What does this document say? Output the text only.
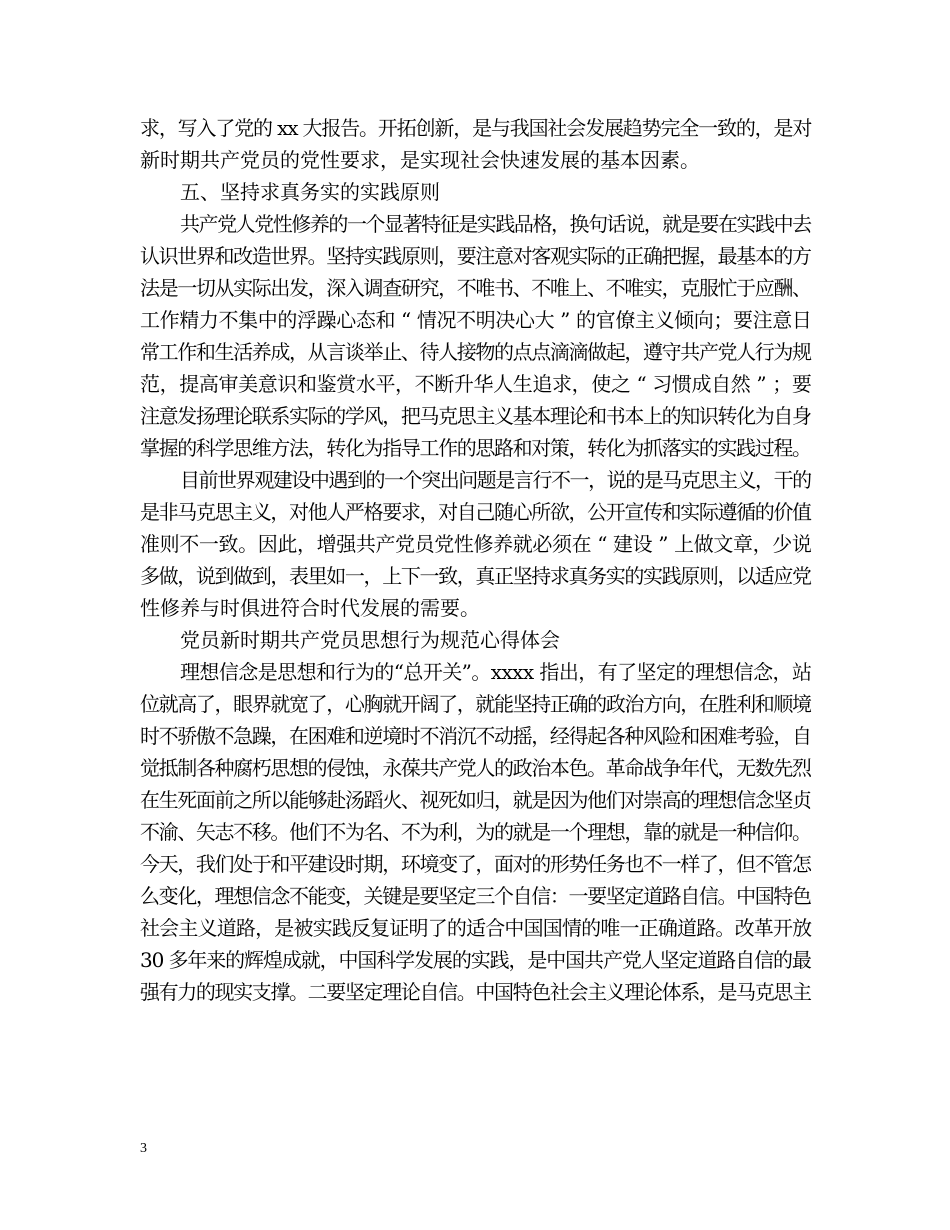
求，写入了党的 xx 大报告。开拓创新，是与我国社会发展趋势完全一致的，是对

新时期共产党员的党性要求，是实现社会快速发展的基本因素。

五、坚持求真务实的实践原则

共产党人党性修养的一个显著特征是实践品格，换句话说，就是要在实践中去

认识世界和改造世界。坚持实践原则，要注意对客观实际的正确把握，最基本的方

法是一切从实际出发，深入调查研究，不唯书、不唯上、不唯实，克服忙于应酬、

工作精力不集中的浮躁心态和 “ 情况不明决心大 ” 的官僚主义倾向；要注意日

常工作和生活养成，从言谈举止、待人接物的点点滴滴做起，遵守共产党人行为规

范，提高审美意识和鉴赏水平，不断升华人生追求，使之 “ 习惯成自然 ” ；要

注意发扬理论联系实际的学风，把马克思主义基本理论和书本上的知识转化为自身

掌握的科学思维方法，转化为指导工作的思路和对策，转化为抓落实的实践过程。

目前世界观建设中遇到的一个突出问题是言行不一，说的是马克思主义，干的

是非马克思主义，对他人严格要求，对自己随心所欲，公开宣传和实际遵循的价值

准则不一致。因此，增强共产党员党性修养就必须在 “ 建设 ” 上做文章，少说

多做，说到做到，表里如一，上下一致，真正坚持求真务实的实践原则，以适应党

性修养与时俱进符合时代发展的需要。

党员新时期共产党员思想行为规范心得体会

理想信念是思想和行为的“总开关”。xxxx 指出，有了坚定的理想信念，站

位就高了，眼界就宽了，心胸就开阔了，就能坚持正确的政治方向，在胜利和顺境

时不骄傲不急躁，在困难和逆境时不消沉不动摇，经得起各种风险和困难考验，自

觉抵制各种腐朽思想的侵蚀，永葆共产党人的政治本色。革命战争年代，无数先烈

在生死面前之所以能够赴汤蹈火、视死如归，就是因为他们对崇高的理想信念坚贞

不渝、矢志不移。他们不为名、不为利，为的就是一个理想，靠的就是一种信仰。

今天，我们处于和平建设时期，环境变了，面对的形势任务也不一样了，但不管怎

么变化，理想信念不能变，关键是要坚定三个自信：一要坚定道路自信。中国特色

社会主义道路，是被实践反复证明了的适合中国国情的唯一正确道路。改革开放

30 多年来的辉煌成就，中国科学发展的实践，是中国共产党人坚定道路自信的最

强有力的现实支撑。二要坚定理论自信。中国特色社会主义理论体系，是马克思主

3
